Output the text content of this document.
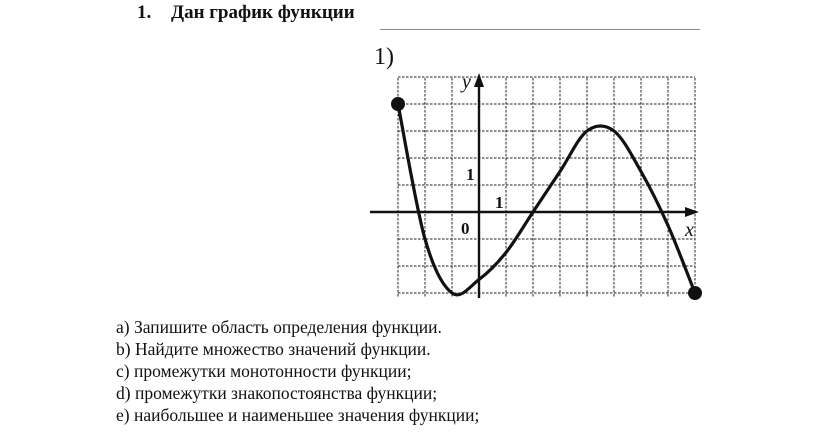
1. Дан график функции
1)
x
y
0
1
1
a) Запишите область определения функции.
b) Найдите множество значений функции.
c) промежутки монотонности функции;
d) промежутки знакопостоянства функции;
e) наибольшее и наименьшее значения функции;
